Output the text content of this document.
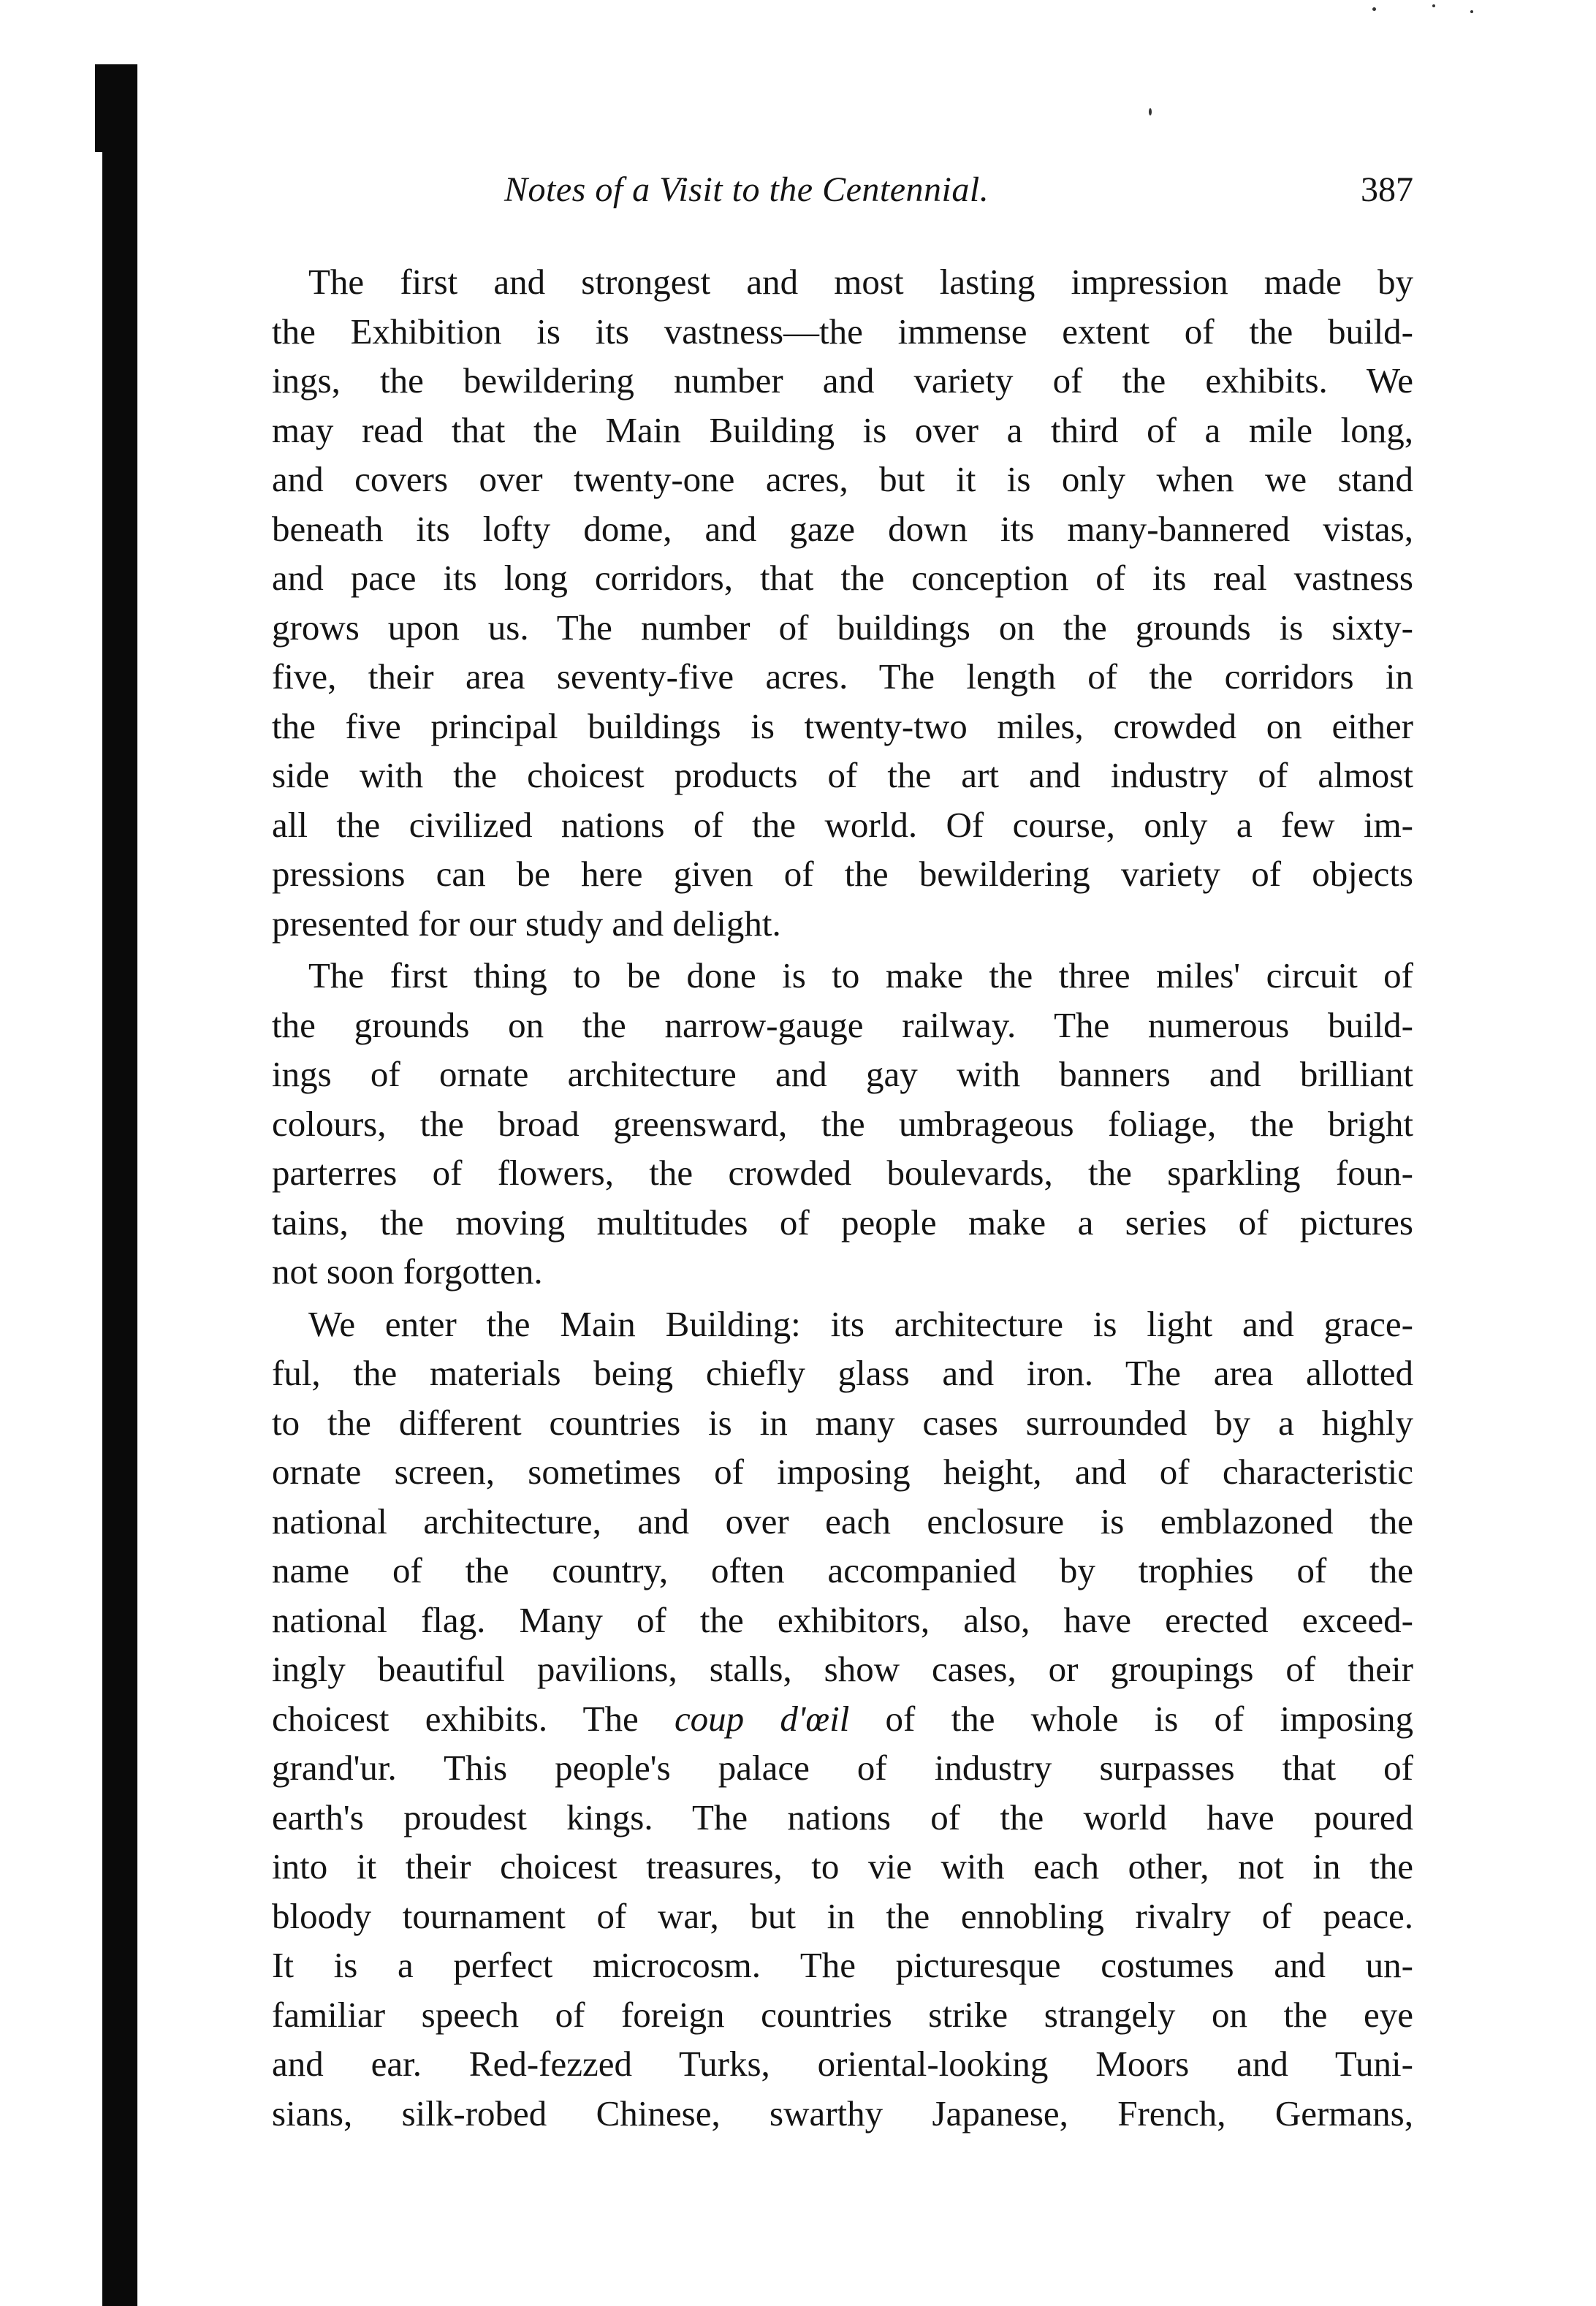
Notes of a Visit to the Centennial.	387
The first and strongest and most lasting impression made by
the Exhibition is its vastness—the immense extent of the build-
ings, the bewildering number and variety of the exhibits. We
may read that the Main Building is over a third of a mile long,
and covers over twenty-one acres, but it is only when we stand
beneath its lofty dome, and gaze down its many-bannered vistas,
and pace its long corridors, that the conception of its real vastness
grows upon us. The number of buildings on the grounds is sixty-
five, their area seventy-five acres. The length of the corridors in
the five principal buildings is twenty-two miles, crowded on either
side with the choicest products of the art and industry of almost
all the civilized nations of the world. Of course, only a few im-
pressions can be here given of the bewildering variety of objects
presented for our study and delight.
The first thing to be done is to make the three miles' circuit of
the grounds on the narrow-gauge railway. The numerous build-
ings of ornate architecture and gay with banners and brilliant
colours, the broad greensward, the umbrageous foliage, the bright
parterres of flowers, the crowded boulevards, the sparkling foun-
tains, the moving multitudes of people make a series of pictures
not soon forgotten.
We enter the Main Building: its architecture is light and grace-
ful, the materials being chiefly glass and iron. The area allotted
to the different countries is in many cases surrounded by a highly
ornate screen, sometimes of imposing height, and of characteristic
national architecture, and over each enclosure is emblazoned the
name of the country, often accompanied by trophies of the
national flag. Many of the exhibitors, also, have erected exceed-
ingly beautiful pavilions, stalls, show cases, or groupings of their
choicest exhibits. The coup d'œil of the whole is of imposing
grand'ur. This people's palace of industry surpasses that of
earth's proudest kings. The nations of the world have poured
into it their choicest treasures, to vie with each other, not in the
bloody tournament of war, but in the ennobling rivalry of peace.
It is a perfect microcosm. The picturesque costumes and un-
familiar speech of foreign countries strike strangely on the eye
and ear. Red-fezzed Turks, oriental-looking Moors and Tuni-
sians, silk-robed Chinese, swarthy Japanese, French, Germans,
